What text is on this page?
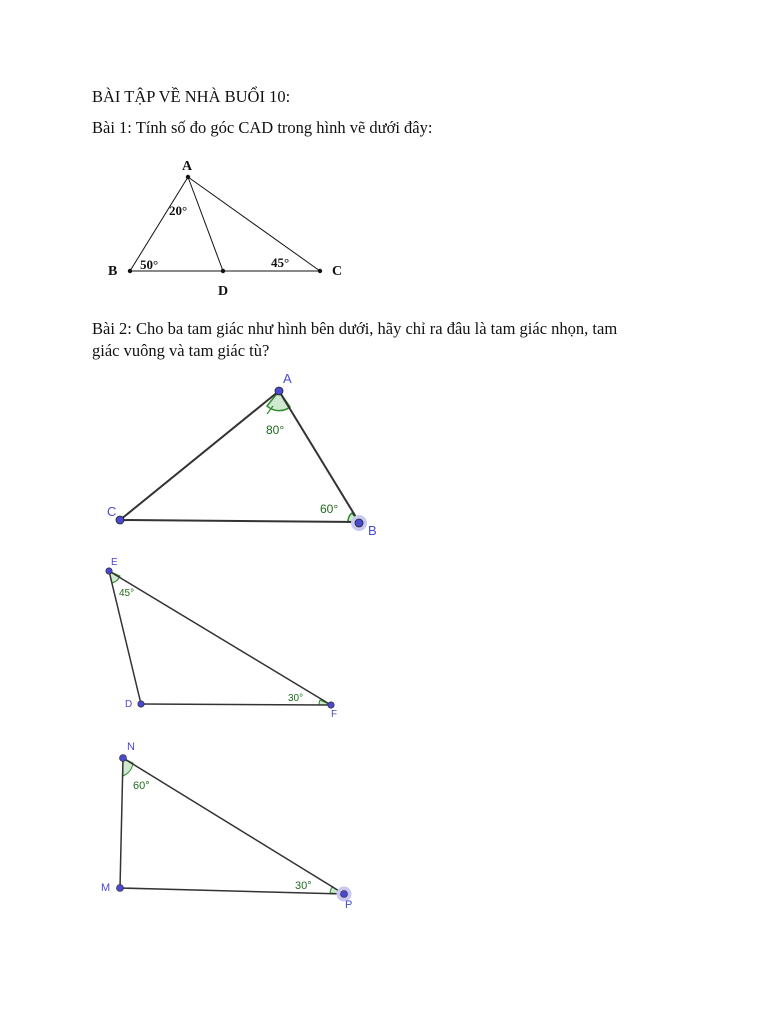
BÀI TẬP VỀ NHÀ BUỔI 10:
Bài 1: Tính số đo góc CAD trong hình vẽ dưới đây:
A
B	C
D
20°
50°	45°
Bài 2: Cho ba tam giác như hình bên dưới, hãy chỉ ra đâu là tam giác nhọn, tam
giác vuông và tam giác tù?
A
B
C
80°
60°
E
D
F
45°
30°
N
M
P
60°
30°
